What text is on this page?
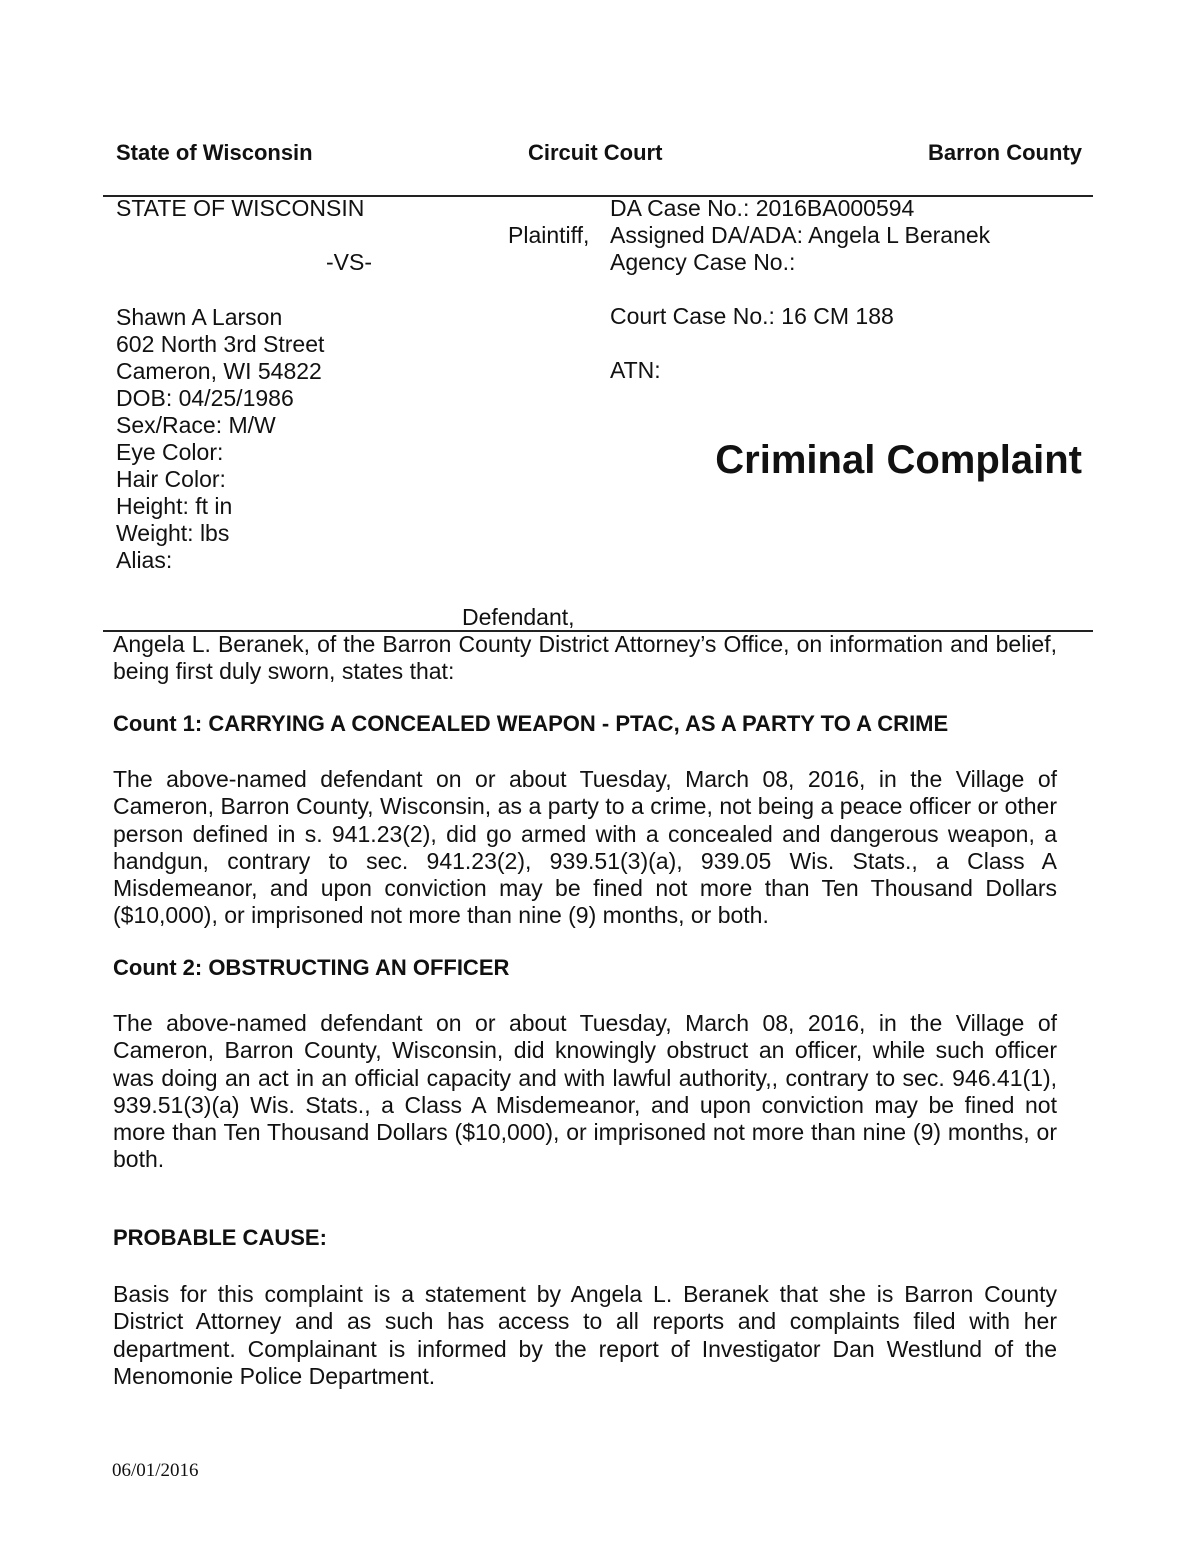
State of Wisconsin	Circuit Court	Barron County
STATE OF WISCONSIN
Plaintiff,
-VS-
Shawn A Larson
602 North 3rd Street
Cameron, WI 54822
DOB: 04/25/1986
Sex/Race: M/W
Eye Color:
Hair Color:
Height: ft in
Weight: lbs
Alias:
DA Case No.: 2016BA000594
Assigned DA/ADA: Angela L Beranek
Agency Case No.:
Court Case No.: 16 CM 188
ATN:
Criminal Complaint
Defendant,
Angela L. Beranek, of the Barron County District Attorney’s Office, on information and belief, being first duly sworn, states that:
Count 1: CARRYING A CONCEALED WEAPON - PTAC, AS A PARTY TO A CRIME
The above-named defendant on or about Tuesday, March 08, 2016, in the Village of Cameron, Barron County, Wisconsin, as a party to a crime, not being a peace officer or other person defined in s. 941.23(2), did go armed with a concealed and dangerous weapon, a handgun, contrary to sec. 941.23(2), 939.51(3)(a), 939.05 Wis. Stats., a Class A Misdemeanor, and upon conviction may be fined not more than Ten Thousand Dollars ($10,000), or imprisoned not more than nine (9) months, or both.
Count 2: OBSTRUCTING AN OFFICER
The above-named defendant on or about Tuesday, March 08, 2016, in the Village of Cameron, Barron County, Wisconsin, did knowingly obstruct an officer, while such officer was doing an act in an official capacity and with lawful authority,, contrary to sec. 946.41(1), 939.51(3)(a) Wis. Stats., a Class A Misdemeanor, and upon conviction may be fined not more than Ten Thousand Dollars ($10,000), or imprisoned not more than nine (9) months, or both.
PROBABLE CAUSE:
Basis for this complaint is a statement by Angela L. Beranek that she is Barron County District Attorney and as such has access to all reports and complaints filed with her department. Complainant is informed by the report of Investigator Dan Westlund of the Menomonie Police Department.
06/01/2016
